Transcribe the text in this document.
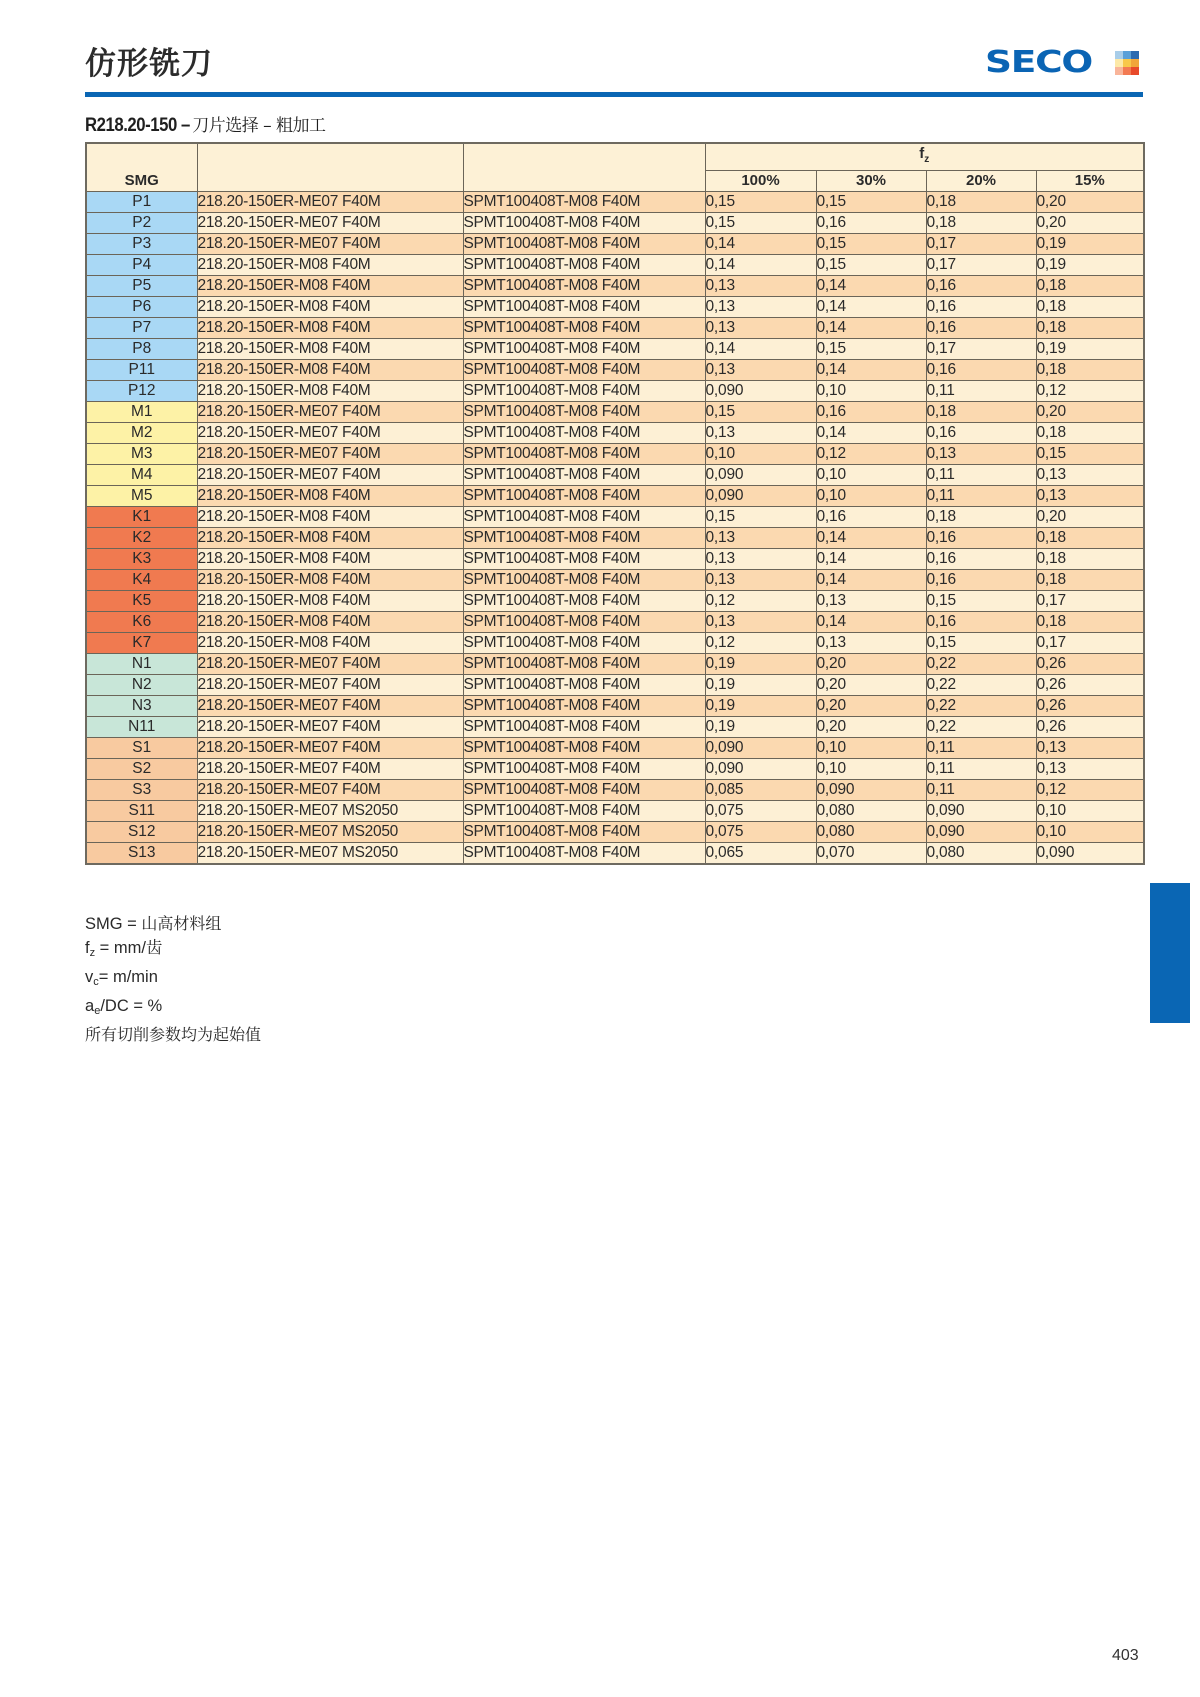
仿形铣刀	SECO
R218.20-150 –刀片选择 – 粗加工
SMG			$f_z$
			100%	30%	20%	15%
P1	218.20-150ER-ME07 F40M	SPMT100408T-M08 F40M	0,15	0,15	0,18	0,20
P2	218.20-150ER-ME07 F40M	SPMT100408T-M08 F40M	0,15	0,16	0,18	0,20
P3	218.20-150ER-ME07 F40M	SPMT100408T-M08 F40M	0,14	0,15	0,17	0,19
P4	218.20-150ER-M08 F40M	SPMT100408T-M08 F40M	0,14	0,15	0,17	0,19
P5	218.20-150ER-M08 F40M	SPMT100408T-M08 F40M	0,13	0,14	0,16	0,18
P6	218.20-150ER-M08 F40M	SPMT100408T-M08 F40M	0,13	0,14	0,16	0,18
P7	218.20-150ER-M08 F40M	SPMT100408T-M08 F40M	0,13	0,14	0,16	0,18
P8	218.20-150ER-M08 F40M	SPMT100408T-M08 F40M	0,14	0,15	0,17	0,19
P11	218.20-150ER-M08 F40M	SPMT100408T-M08 F40M	0,13	0,14	0,16	0,18
P12	218.20-150ER-M08 F40M	SPMT100408T-M08 F40M	0,090	0,10	0,11	0,12
M1	218.20-150ER-ME07 F40M	SPMT100408T-M08 F40M	0,15	0,16	0,18	0,20
M2	218.20-150ER-ME07 F40M	SPMT100408T-M08 F40M	0,13	0,14	0,16	0,18
M3	218.20-150ER-ME07 F40M	SPMT100408T-M08 F40M	0,10	0,12	0,13	0,15
M4	218.20-150ER-ME07 F40M	SPMT100408T-M08 F40M	0,090	0,10	0,11	0,13
M5	218.20-150ER-M08 F40M	SPMT100408T-M08 F40M	0,090	0,10	0,11	0,13
K1	218.20-150ER-M08 F40M	SPMT100408T-M08 F40M	0,15	0,16	0,18	0,20
K2	218.20-150ER-M08 F40M	SPMT100408T-M08 F40M	0,13	0,14	0,16	0,18
K3	218.20-150ER-M08 F40M	SPMT100408T-M08 F40M	0,13	0,14	0,16	0,18
K4	218.20-150ER-M08 F40M	SPMT100408T-M08 F40M	0,13	0,14	0,16	0,18
K5	218.20-150ER-M08 F40M	SPMT100408T-M08 F40M	0,12	0,13	0,15	0,17
K6	218.20-150ER-M08 F40M	SPMT100408T-M08 F40M	0,13	0,14	0,16	0,18
K7	218.20-150ER-M08 F40M	SPMT100408T-M08 F40M	0,12	0,13	0,15	0,17
N1	218.20-150ER-ME07 F40M	SPMT100408T-M08 F40M	0,19	0,20	0,22	0,26
N2	218.20-150ER-ME07 F40M	SPMT100408T-M08 F40M	0,19	0,20	0,22	0,26
N3	218.20-150ER-ME07 F40M	SPMT100408T-M08 F40M	0,19	0,20	0,22	0,26
N11	218.20-150ER-ME07 F40M	SPMT100408T-M08 F40M	0,19	0,20	0,22	0,26
S1	218.20-150ER-ME07 F40M	SPMT100408T-M08 F40M	0,090	0,10	0,11	0,13
S2	218.20-150ER-ME07 F40M	SPMT100408T-M08 F40M	0,090	0,10	0,11	0,13
S3	218.20-150ER-ME07 F40M	SPMT100408T-M08 F40M	0,085	0,090	0,11	0,12
S11	218.20-150ER-ME07 MS2050	SPMT100408T-M08 F40M	0,075	0,080	0,090	0,10
S12	218.20-150ER-ME07 MS2050	SPMT100408T-M08 F40M	0,075	0,080	0,090	0,10
S13	218.20-150ER-ME07 MS2050	SPMT100408T-M08 F40M	0,065	0,070	0,080	0,090
SMG = 山高材料组
$f_z = mm/$齿
$v_c= m/\min$
$a_e/DC$ = %
所有切削参数均为起始值
403
